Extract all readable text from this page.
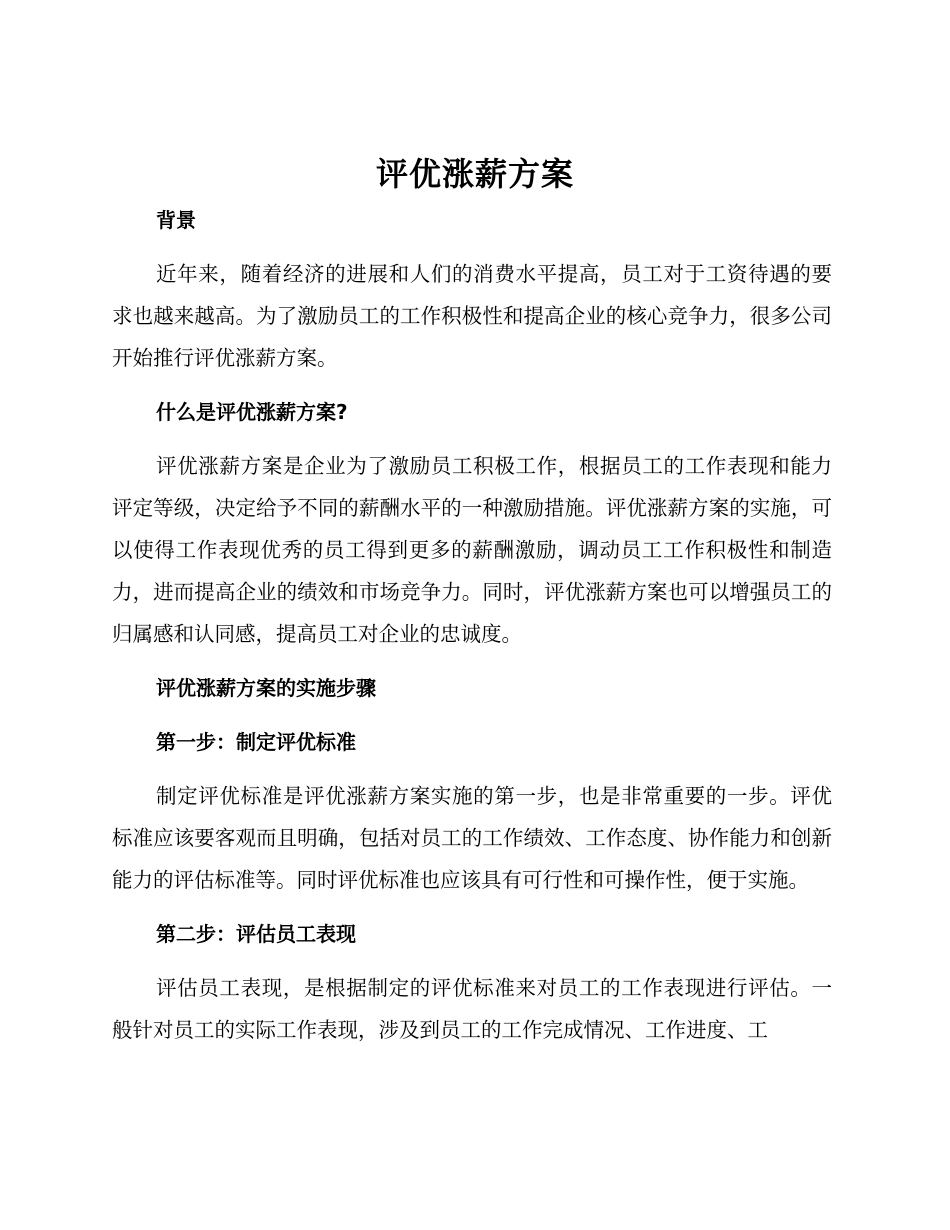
评优涨薪方案

背景

近年来，随着经济的进展和人们的消费水平提高，员工对于工资待遇的要求也越来越高。为了激励员工的工作积极性和提高企业的核心竞争力，很多公司开始推行评优涨薪方案。

什么是评优涨薪方案?

评优涨薪方案是企业为了激励员工积极工作，根据员工的工作表现和能力评定等级，决定给予不同的薪酬水平的一种激励措施。评优涨薪方案的实施，可以使得工作表现优秀的员工得到更多的薪酬激励，调动员工工作积极性和制造力，进而提高企业的绩效和市场竞争力。同时，评优涨薪方案也可以增强员工的归属感和认同感，提高员工对企业的忠诚度。

评优涨薪方案的实施步骤

第一步：制定评优标准

制定评优标准是评优涨薪方案实施的第一步，也是非常重要的一步。评优标准应该要客观而且明确，包括对员工的工作绩效、工作态度、协作能力和创新能力的评估标准等。同时评优标准也应该具有可行性和可操作性，便于实施。

第二步：评估员工表现

评估员工表现，是根据制定的评优标准来对员工的工作表现进行评估。一般针对员工的实际工作表现，涉及到员工的工作完成情况、工作进度、工
